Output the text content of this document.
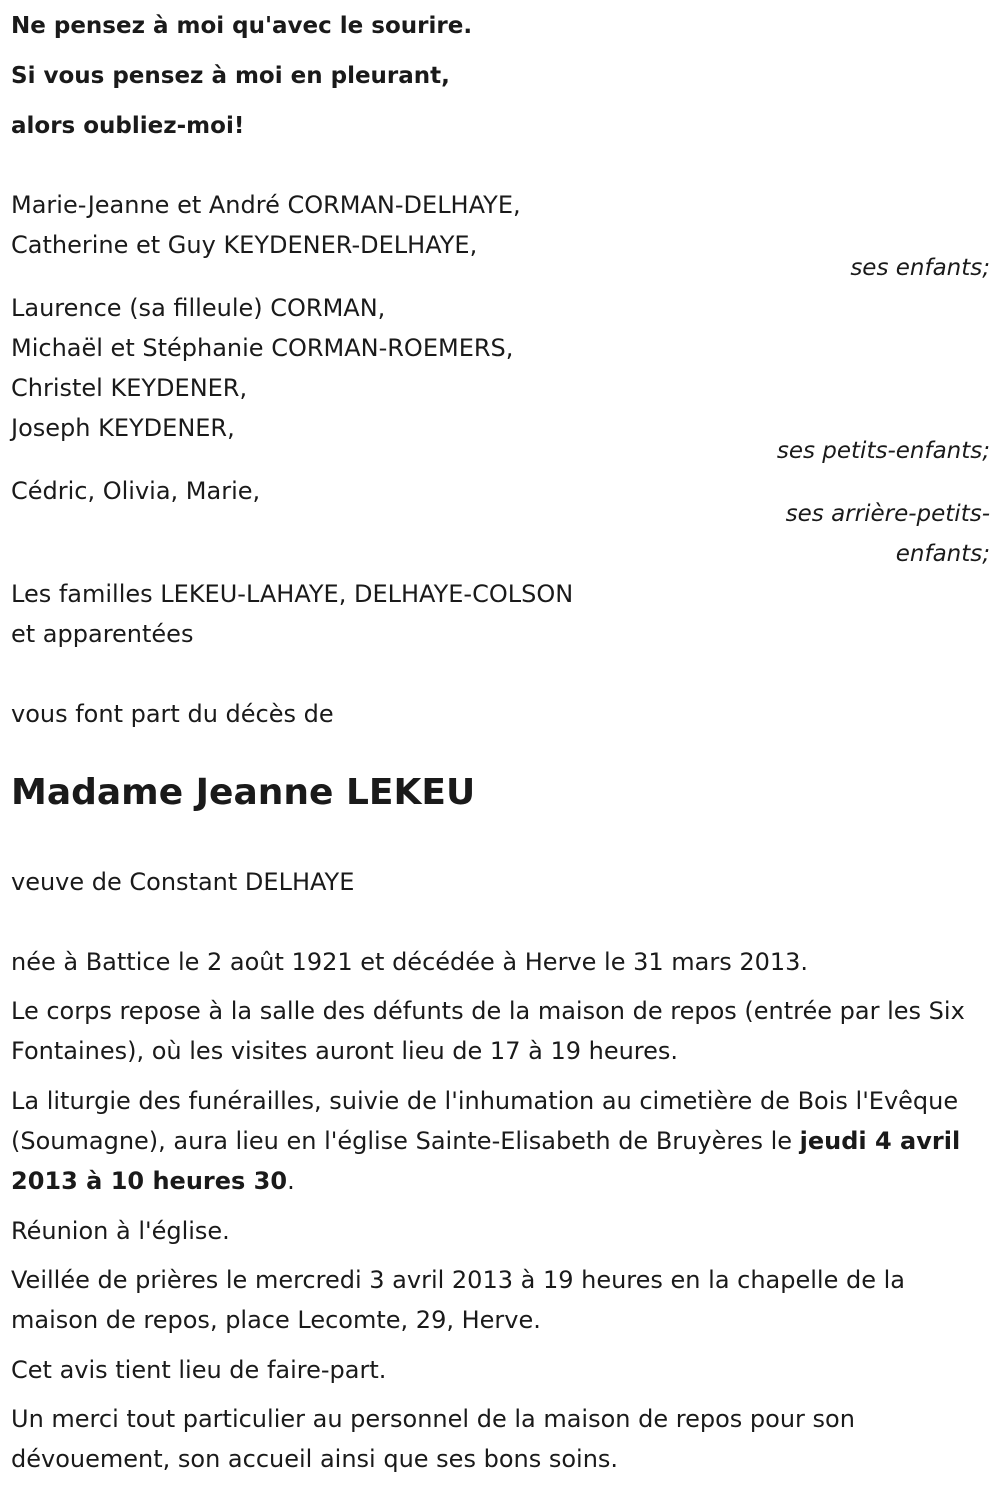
Ne pensez à moi qu'avec le sourire.

Si vous pensez à moi en pleurant,

alors oubliez-moi!

Marie-Jeanne et André CORMAN-DELHAYE,

Catherine et Guy KEYDENER-DELHAYE,

ses enfants;

Laurence (sa filleule) CORMAN,

Michaël et Stéphanie CORMAN-ROEMERS,

Christel KEYDENER,

Joseph KEYDENER,

ses petits-enfants;

Cédric, Olivia, Marie,

ses arrière-petits-

enfants;

Les familles LEKEU-LAHAYE, DELHAYE-COLSON

et apparentées

vous font part du décès de

Madame Jeanne LEKEU

veuve de Constant DELHAYE

née à Battice le 2 août 1921 et décédée à Herve le 31 mars 2013.

Le corps repose à la salle des défunts de la maison de repos (entrée par les Six Fontaines), où les visites auront lieu de 17 à 19 heures.

La liturgie des funérailles, suivie de l'inhumation au cimetière de Bois l'Evêque (Soumagne), aura lieu en l'église Sainte-Elisabeth de Bruyères le jeudi 4 avril 2013 à 10 heures 30.

Réunion à l'église.

Veillée de prières le mercredi 3 avril 2013 à 19 heures en la chapelle de la maison de repos, place Lecomte, 29, Herve.

Cet avis tient lieu de faire-part.

Un merci tout particulier au personnel de la maison de repos pour son dévouement, son accueil ainsi que ses bons soins.
